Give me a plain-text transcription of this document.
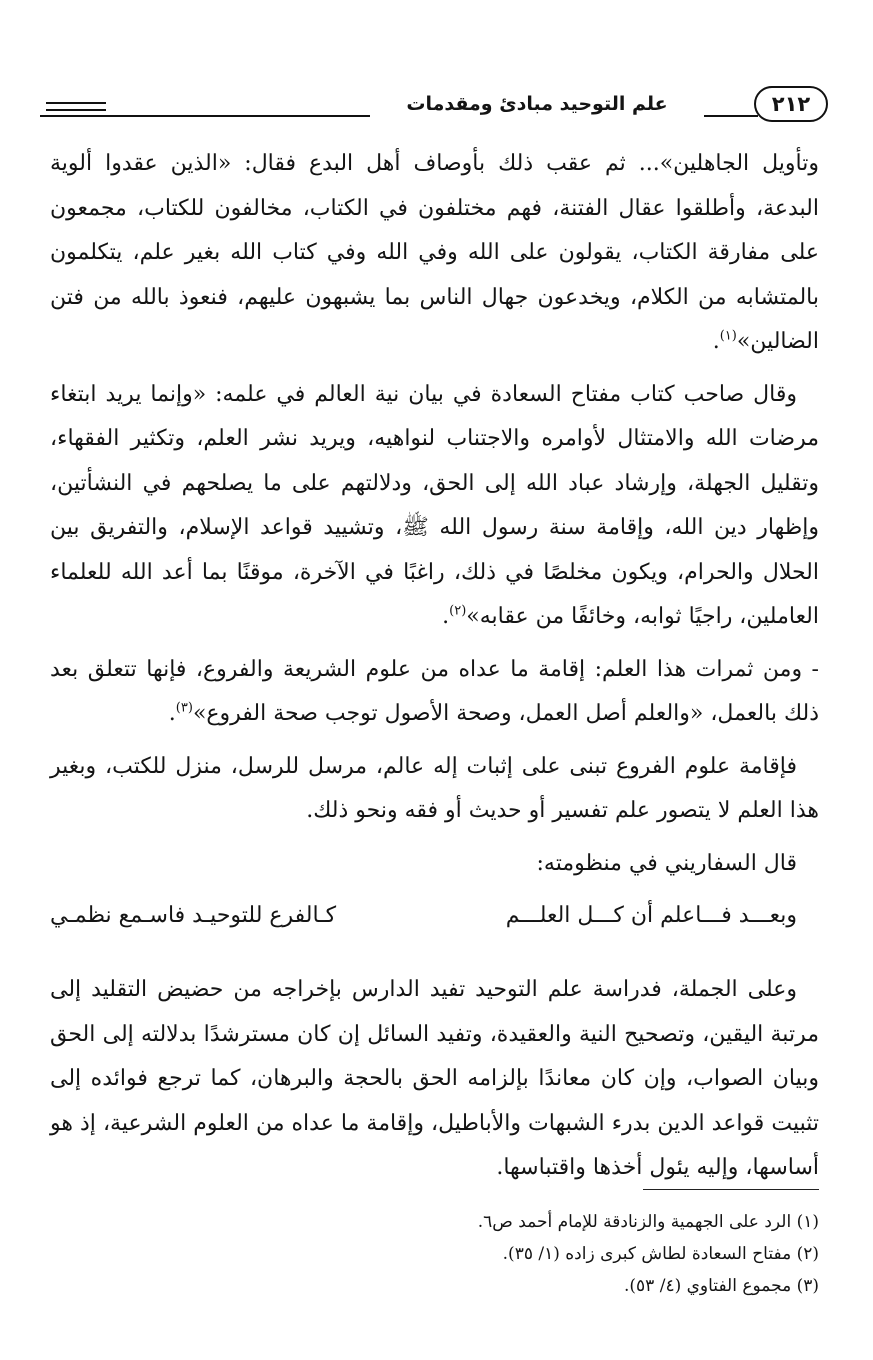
علم التوحيد مبادئ ومقدمات	٢١٢

وتأويل الجاهلين»... ثم عقب ذلك بأوصاف أهل البدع فقال: «الذين عقدوا ألوية البدعة، وأطلقوا عقال الفتنة، فهم مختلفون في الكتاب، مخالفون للكتاب، مجمعون على مفارقة الكتاب، يقولون على الله وفي الله وفي كتاب الله بغير علم، يتكلمون بالمتشابه من الكلام، ويخدعون جهال الناس بما يشبهون عليهم، فنعوذ بالله من فتن الضالين»$^{(١)}$.

وقال صاحب كتاب مفتاح السعادة في بيان نية العالم في علمه: «وإنما يريد ابتغاء مرضات الله والامتثال لأوامره والاجتناب لنواهيه، ويريد نشر العلم، وتكثير الفقهاء، وتقليل الجهلة، وإرشاد عباد الله إلى الحق، ودلالتهم على ما يصلحهم في النشأتين، وإظهار دين الله، وإقامة سنة رسول الله ﷺ، وتشييد قواعد الإسلام، والتفريق بين الحلال والحرام، ويكون مخلصًا في ذلك، راغبًا في الآخرة، موقنًا بما أعد الله للعلماء العاملين، راجيًا ثوابه، وخائفًا من عقابه»$^{(٢)}$.

- ومن ثمرات هذا العلم: إقامة ما عداه من علوم الشريعة والفروع، فإنها تتعلق بعد ذلك بالعمل، «والعلم أصل العمل، وصحة الأصول توجب صحة الفروع»$^{(٣)}$.

فإقامة علوم الفروع تبنى على إثبات إله عالم، مرسل للرسل، منزل للكتب، وبغير هذا العلم لا يتصور علم تفسير أو حديث أو فقه ونحو ذلك.

قال السفاريني في منظومته:

وبعـــد فـــاعلم أن كـــل العلـــم
كـالفرع للتوحيـد فاسـمع نظمـي

وعلى الجملة، فدراسة علم التوحيد تفيد الدارس بإخراجه من حضيض التقليد إلى مرتبة اليقين، وتصحيح النية والعقيدة، وتفيد السائل إن كان مسترشدًا بدلالته إلى الحق وبيان الصواب، وإن كان معاندًا بإلزامه الحق بالحجة والبرهان، كما ترجع فوائده إلى تثبيت قواعد الدين بدرء الشبهات والأباطيل، وإقامة ما عداه من العلوم الشرعية، إذ هو أساسها، وإليه يئول أخذها واقتباسها.

(١) الرد على الجهمية والزنادقة للإمام أحمد ص٦.

(٢) مفتاح السعادة لطاش كبرى زاده (١/ ٣٥).

(٣) مجموع الفتاوي (٤/ ٥٣).
